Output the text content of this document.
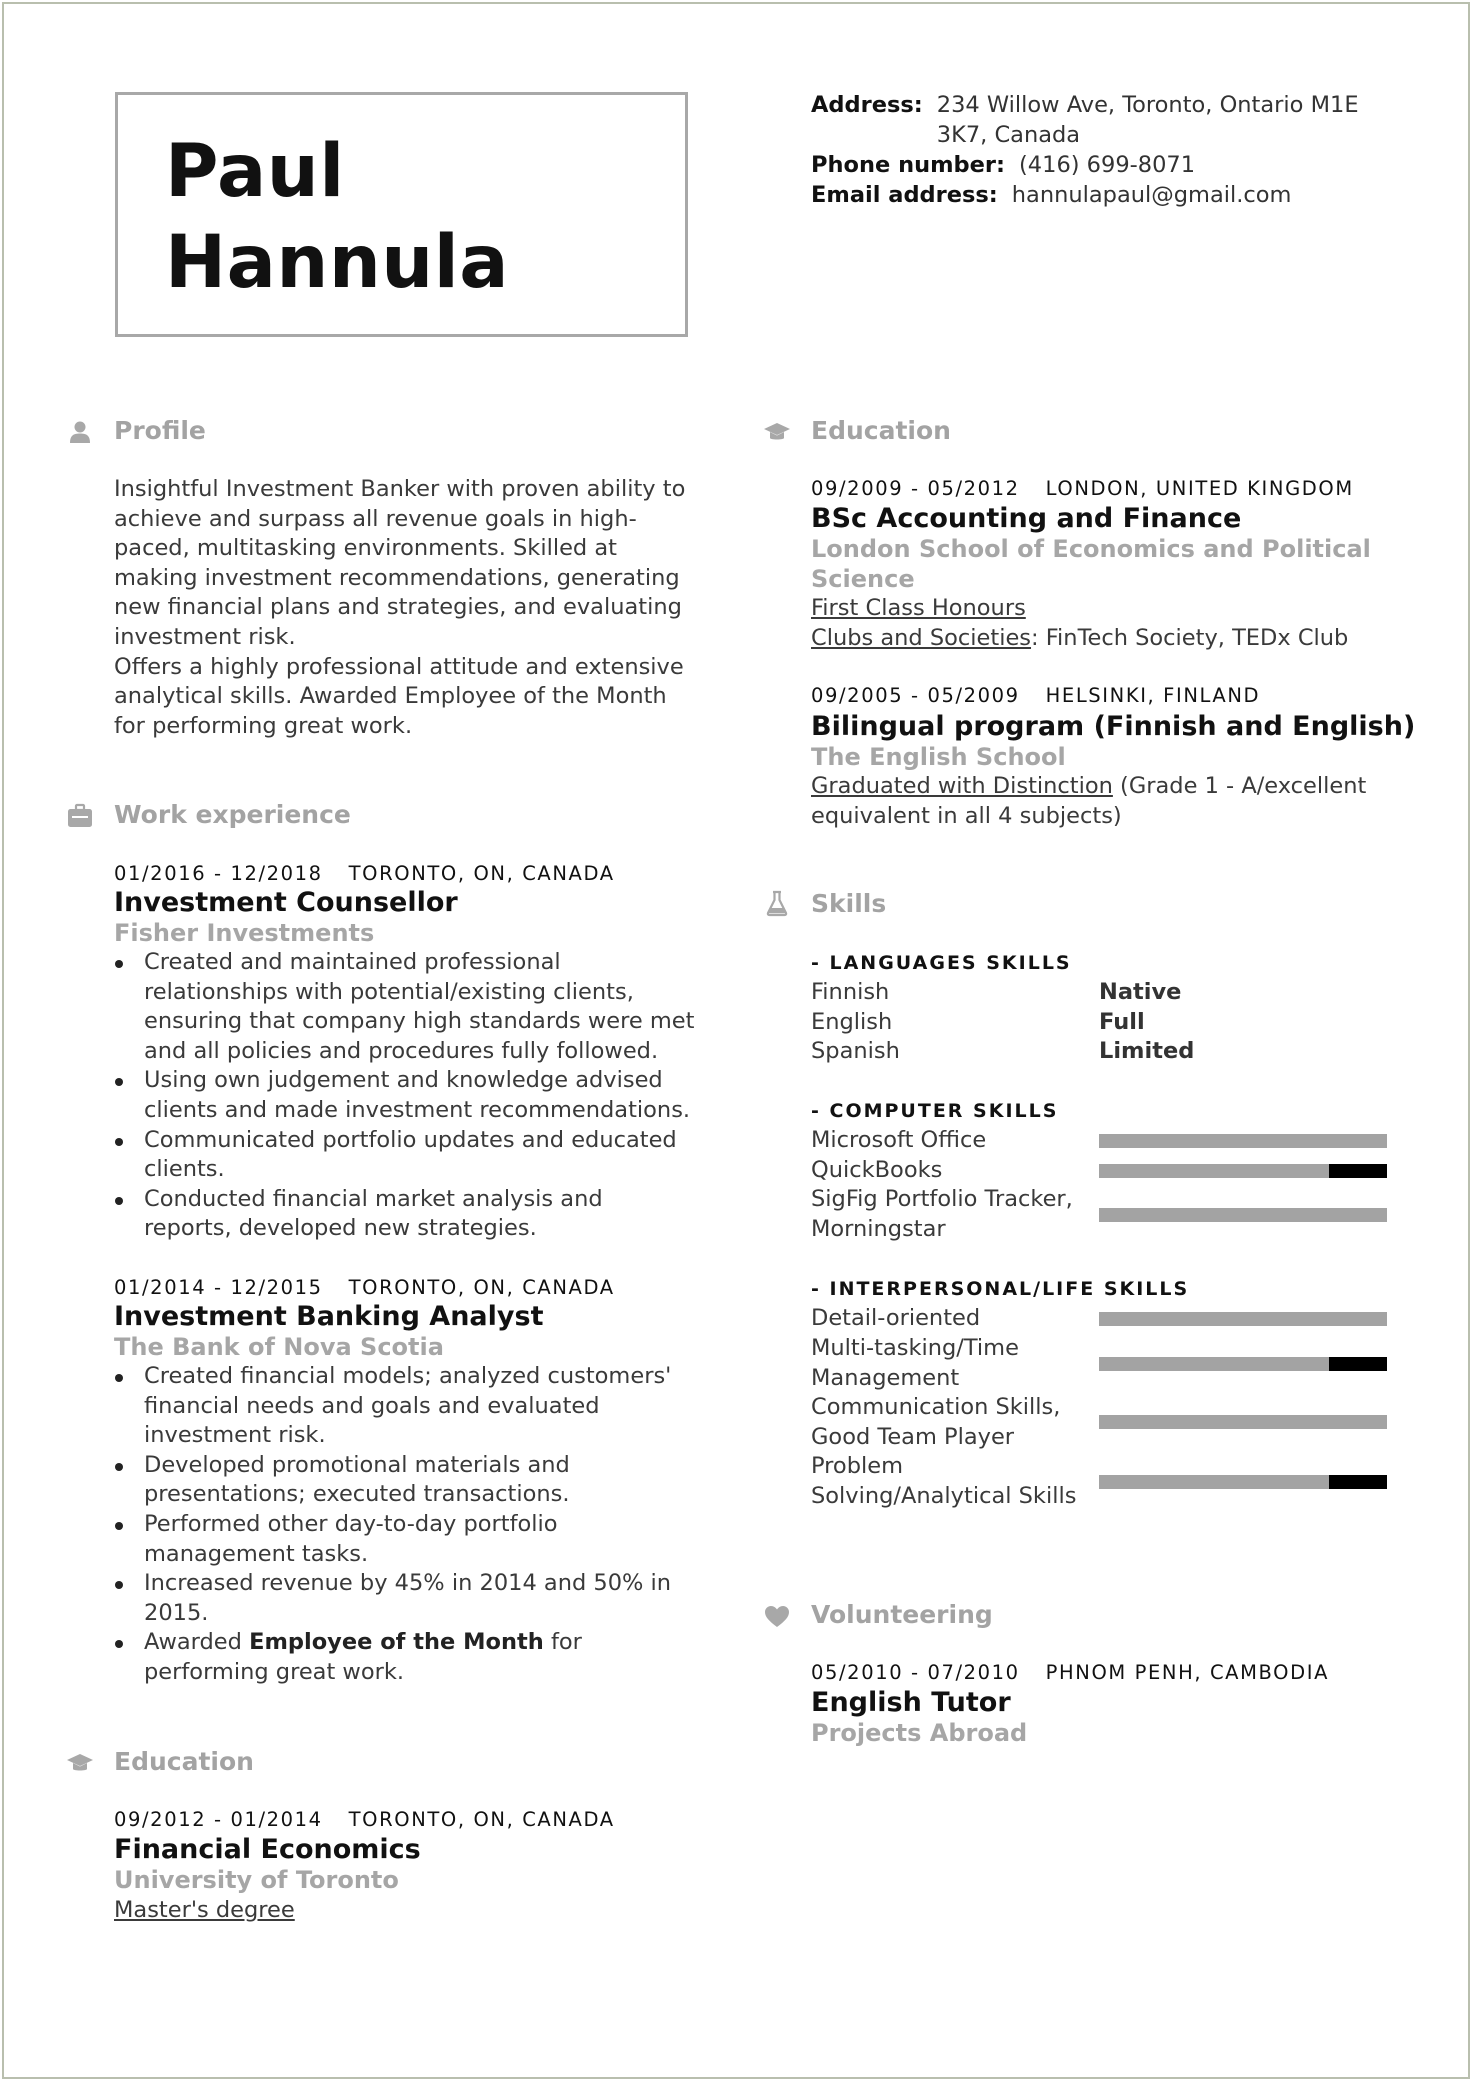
Paul
Hannula
Address: 234 Willow Ave, Toronto, Ontario M1E 3K7, Canada
Phone number: (416) 699-8071
Email address: hannulapaul@gmail.com
Profile
Insightful Investment Banker with proven ability to achieve and surpass all revenue goals in high-paced, multitasking environments. Skilled at making investment recommendations, generating new financial plans and strategies, and evaluating investment risk.
Offers a highly professional attitude and extensive analytical skills. Awarded Employee of the Month for performing great work.
Work experience
01/2016 - 12/2018 TORONTO, ON, CANADA
Investment Counsellor
Fisher Investments
Created and maintained professional relationships with potential/existing clients, ensuring that company high standards were met and all policies and procedures fully followed.
Using own judgement and knowledge advised clients and made investment recommendations.
Communicated portfolio updates and educated clients.
Conducted financial market analysis and reports, developed new strategies.
01/2014 - 12/2015 TORONTO, ON, CANADA
Investment Banking Analyst
The Bank of Nova Scotia
Created financial models; analyzed customers' financial needs and goals and evaluated investment risk.
Developed promotional materials and presentations; executed transactions.
Performed other day-to-day portfolio management tasks.
Increased revenue by 45% in 2014 and 50% in 2015.
Awarded Employee of the Month for performing great work.
Education
09/2012 - 01/2014 TORONTO, ON, CANADA
Financial Economics
University of Toronto
Master's degree
Education
09/2009 - 05/2012 LONDON, UNITED KINGDOM
BSc Accounting and Finance
London School of Economics and Political Science
First Class Honours
Clubs and Societies: FinTech Society, TEDx Club
09/2005 - 05/2009 HELSINKI, FINLAND
Bilingual program (Finnish and English)
The English School
Graduated with Distinction (Grade 1 - A/excellent equivalent in all 4 subjects)
Skills
- LANGUAGES SKILLS
Finnish	Native
English	Full
Spanish	Limited
- COMPUTER SKILLS
Microsoft Office
QuickBooks
SigFig Portfolio Tracker, Morningstar
- INTERPERSONAL/LIFE SKILLS
Detail-oriented
Multi-tasking/Time Management
Communication Skills, Good Team Player
Problem Solving/Analytical Skills
Volunteering
05/2010 - 07/2010 PHNOM PENH, CAMBODIA
English Tutor
Projects Abroad
